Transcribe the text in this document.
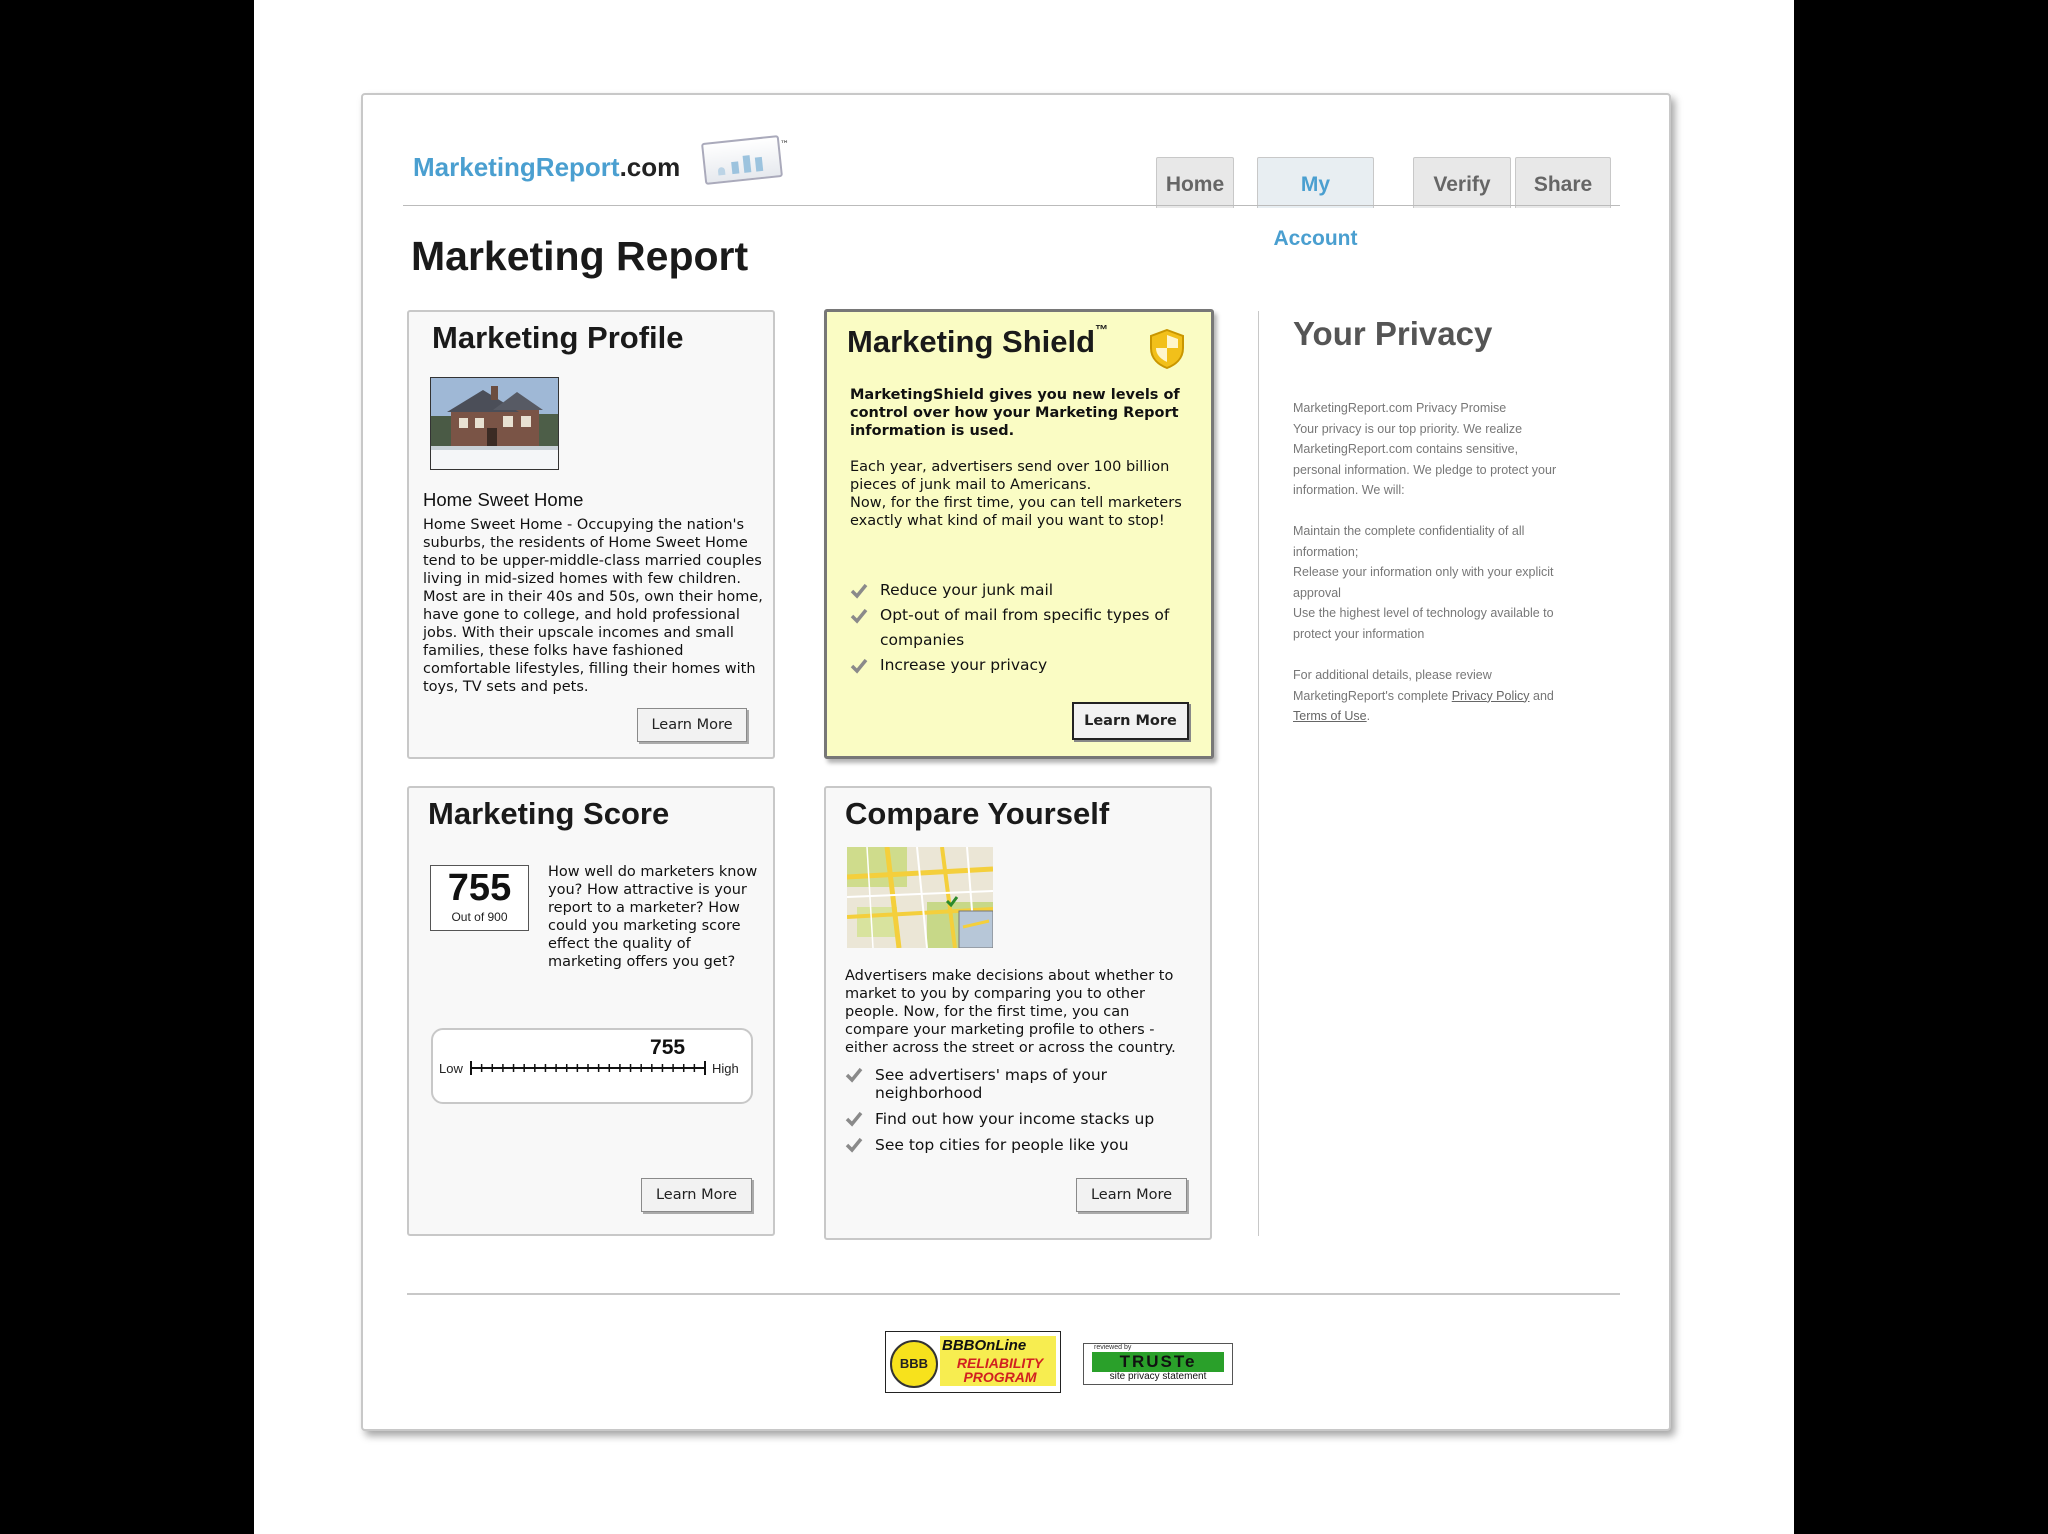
MarketingReport.com
™
Home	My Account
Verify	Share
Marketing Report
Marketing Profile
Home Sweet Home
Home Sweet Home - Occupying the nation's suburbs, the residents of Home Sweet Home tend to be upper-middle-class married couples living in mid-sized homes with few children. Most are in their 40s and 50s, own their home, have gone to college, and hold professional jobs. With their upscale incomes and small families, these folks have fashioned comfortable lifestyles, filling their homes with toys, TV sets and pets.
Learn More
Marketing Shield™
MarketingShield gives you new levels of control over how your Marketing Report information is used.
Each year, advertisers send over 100 billion pieces of junk mail to Americans.
Now, for the first time, you can tell marketers exactly what kind of mail you want to stop!
Reduce your junk mail
Opt-out of mail from specific types of companies
Increase your privacy
Learn More
Marketing Score
755
Out of 900
How well do marketers know you? How attractive is your report to a marketer? How could you marketing score effect the quality of marketing offers you get?
755
Low	High
Learn More
Compare Yourself
Advertisers make decisions about whether to market to you by comparing you to other people. Now, for the first time, you can compare your marketing profile to others - either across the street or across the country.
See advertisers' maps of your neighborhood
Find out how your income stacks up
See top cities for people like you
Learn More
Your Privacy
MarketingReport.com Privacy Promise
Your privacy is our top priority. We realize MarketingReport.com contains sensitive, personal information. We pledge to protect your information. We will:
Maintain the complete confidentiality of all information;
Release your information only with your explicit approval
Use the highest level of technology available to protect your information
For additional details, please review MarketingReport's complete Privacy Policy and Terms of Use.
BBB
BBBOnLine
RELIABILITY
PROGRAM
reviewed by
TRUSTe
site privacy statement
